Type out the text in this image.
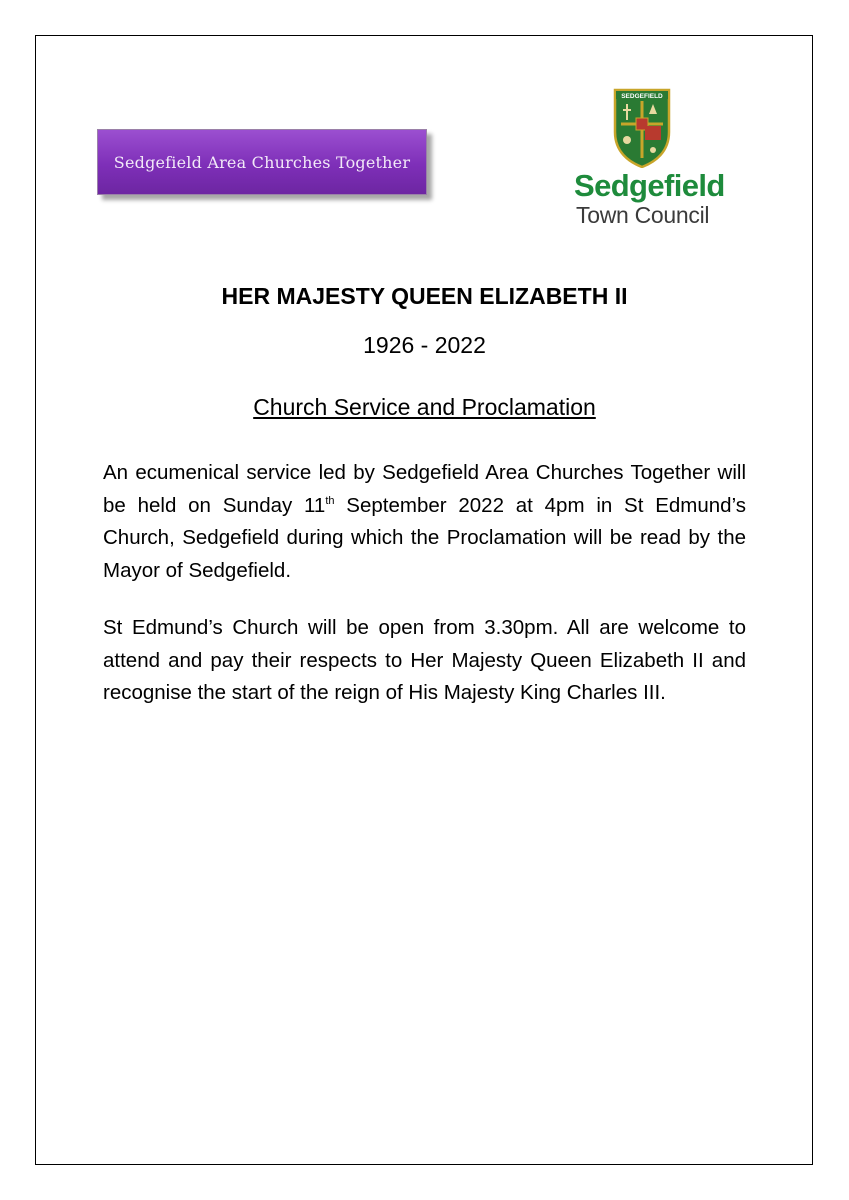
Sedgefield Area Churches Together
SEDGEFIELD
Sedgefield
Town Council
HER MAJESTY QUEEN ELIZABETH II
1926 - 2022
Church Service and Proclamation
An ecumenical service led by Sedgefield Area Churches Together will be held on Sunday 11th September 2022 at 4pm in St Edmund’s Church, Sedgefield during which the Proclamation will be read by the Mayor of Sedgefield.
St Edmund’s Church will be open from 3.30pm. All are welcome to attend and pay their respects to Her Majesty Queen Elizabeth II and recognise the start of the reign of His Majesty King Charles III.
